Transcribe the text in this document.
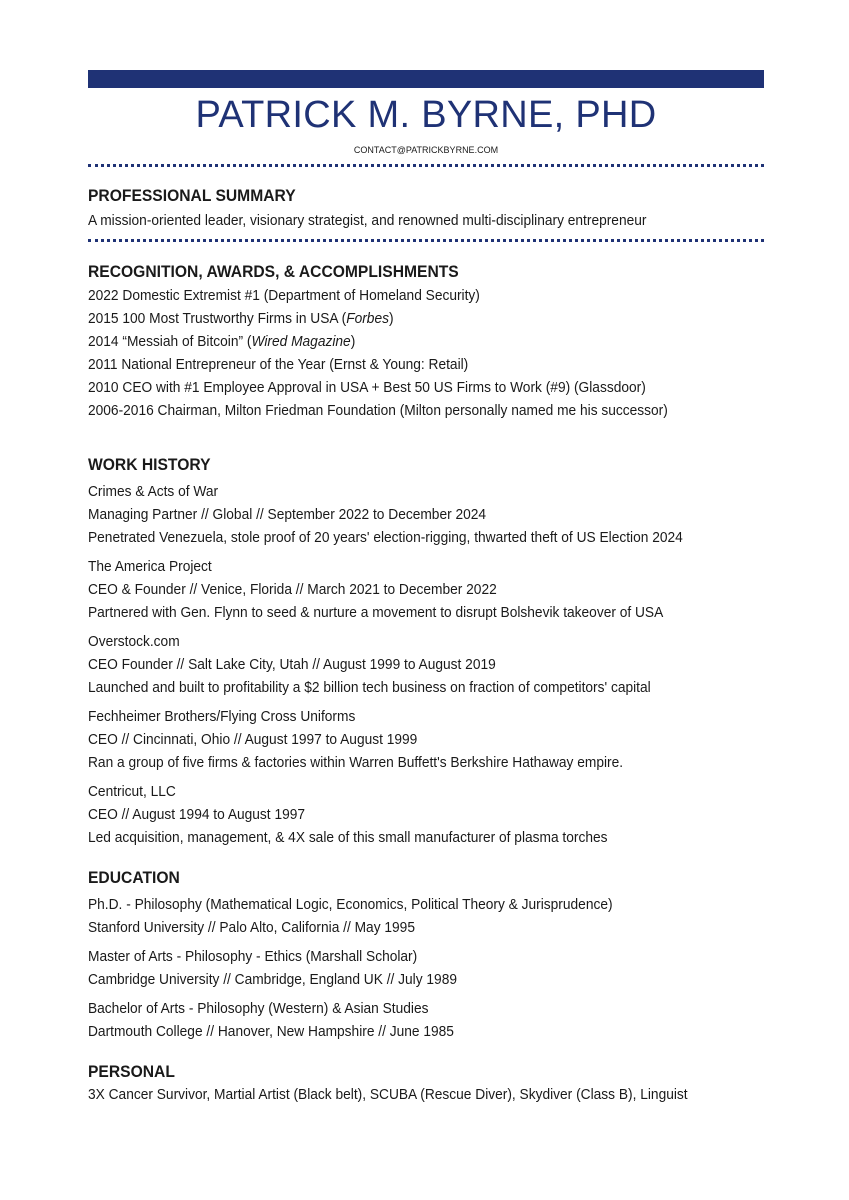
PATRICK M. BYRNE, PHD
CONTACT@PATRICKBYRNE.COM
PROFESSIONAL SUMMARY
A mission-oriented leader, visionary strategist, and renowned multi-disciplinary entrepreneur
RECOGNITION, AWARDS, & ACCOMPLISHMENTS
2022 Domestic Extremist #1 (Department of Homeland Security)
2015 100 Most Trustworthy Firms in USA (Forbes)
2014 “Messiah of Bitcoin” (Wired Magazine)
2011 National Entrepreneur of the Year (Ernst & Young: Retail)
2010 CEO with #1 Employee Approval in USA + Best 50 US Firms to Work (#9) (Glassdoor)
2006-2016 Chairman, Milton Friedman Foundation (Milton personally named me his successor)
WORK HISTORY
Crimes & Acts of War
Managing Partner // Global // September 2022 to December 2024
Penetrated Venezuela, stole proof of 20 years' election-rigging, thwarted theft of US Election 2024
The America Project
CEO & Founder // Venice, Florida // March 2021 to December 2022
Partnered with Gen. Flynn to seed & nurture a movement to disrupt Bolshevik takeover of USA
Overstock.com
CEO Founder // Salt Lake City, Utah // August 1999 to August 2019
Launched and built to profitability a $2 billion tech business on fraction of competitors' capital
Fechheimer Brothers/Flying Cross Uniforms
CEO // Cincinnati, Ohio // August 1997 to August 1999
Ran a group of five firms & factories within Warren Buffett's Berkshire Hathaway empire.
Centricut, LLC
CEO // August 1994 to August 1997
Led acquisition, management, & 4X sale of this small manufacturer of plasma torches
EDUCATION
Ph.D. - Philosophy (Mathematical Logic, Economics, Political Theory & Jurisprudence)
Stanford University // Palo Alto, California // May 1995
Master of Arts - Philosophy - Ethics (Marshall Scholar)
Cambridge University // Cambridge, England UK // July 1989
Bachelor of Arts - Philosophy (Western) & Asian Studies
Dartmouth College // Hanover, New Hampshire // June 1985
PERSONAL
3X Cancer Survivor, Martial Artist (Black belt), SCUBA (Rescue Diver), Skydiver (Class B), Linguist
